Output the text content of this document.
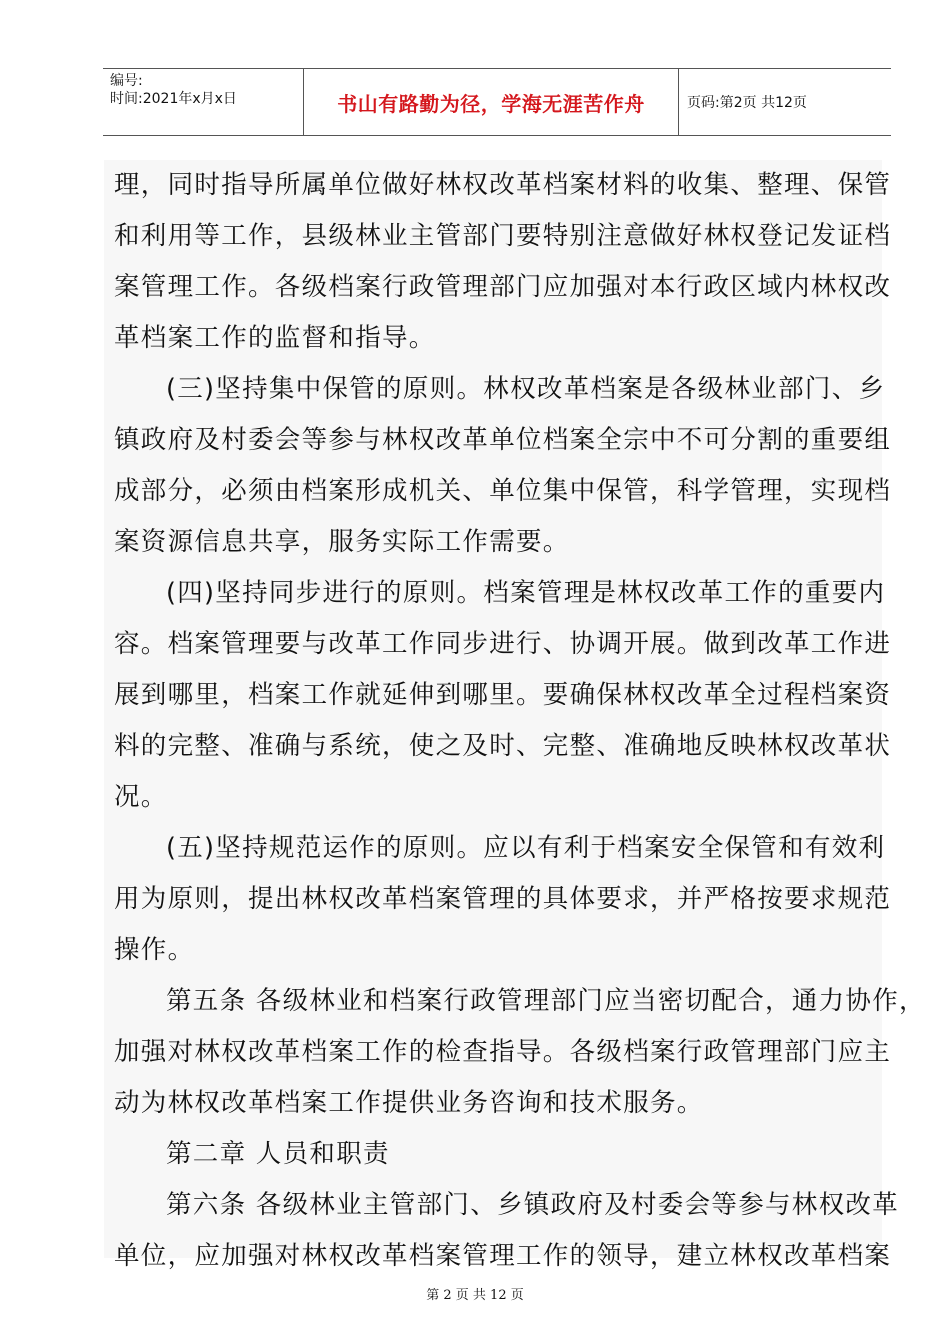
编号:
时间:2021年x月x日	书山有路勤为径，学海无涯苦作舟	页码:第2页 共12页

理，同时指导所属单位做好林权改革档案材料的收集、整理、保管
和利用等工作，县级林业主管部门要特别注意做好林权登记发证档
案管理工作。各级档案行政管理部门应加强对本行政区域内林权改
革档案工作的监督和指导。

(三)坚持集中保管的原则。林权改革档案是各级林业部门、乡
镇政府及村委会等参与林权改革单位档案全宗中不可分割的重要组
成部分，必须由档案形成机关、单位集中保管，科学管理，实现档
案资源信息共享，服务实际工作需要。

(四)坚持同步进行的原则。档案管理是林权改革工作的重要内
容。档案管理要与改革工作同步进行、协调开展。做到改革工作进
展到哪里，档案工作就延伸到哪里。要确保林权改革全过程档案资
料的完整、准确与系统，使之及时、完整、准确地反映林权改革状
况。

(五)坚持规范运作的原则。应以有利于档案安全保管和有效利
用为原则，提出林权改革档案管理的具体要求，并严格按要求规范
操作。

第五条 各级林业和档案行政管理部门应当密切配合，通力协作，
加强对林权改革档案工作的检查指导。各级档案行政管理部门应主
动为林权改革档案工作提供业务咨询和技术服务。

第二章 人员和职责

第六条 各级林业主管部门、乡镇政府及村委会等参与林权改革
单位，应加强对林权改革档案管理工作的领导，建立林权改革档案

第 2 页 共 12 页
